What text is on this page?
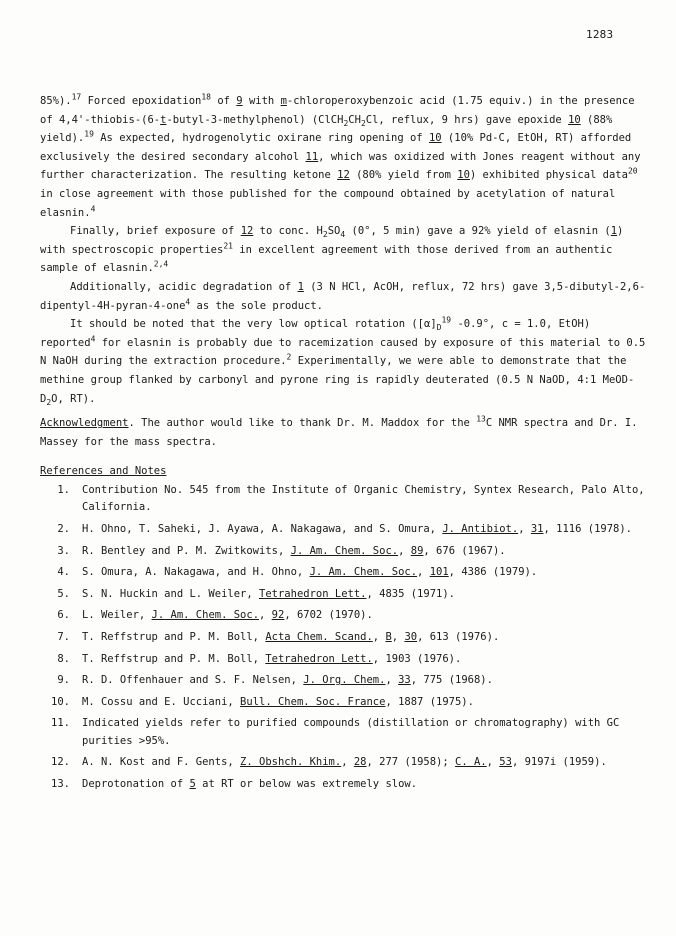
1283

85%).$^{17}$ Forced epoxidation$^{18}$ of 9 with m-chloroperoxybenzoic acid (1.75 equiv.) in the presence of 4,4'-thiobis-(6-t-butyl-3-methylphenol) ($ClCH_2CH_2Cl$, reflux, 9 hrs) gave epoxide 10 (88% yield).$^{19}$ As expected, hydrogenolytic oxirane ring opening of 10 (10% Pd-C, EtOH, RT) afforded exclusively the desired secondary alcohol 11, which was oxidized with Jones reagent without any further characterization. The resulting ketone 12 (80% yield from 10) exhibited physical data$^{20}$ in close agreement with those published for the compound obtained by acetylation of natural elasnin.$^4$

Finally, brief exposure of 12 to conc. $H_2SO_4$ (0°, 5 min) gave a 92% yield of elasnin (1) with spectroscopic properties$^{21}$ in excellent agreement with those derived from an authentic sample of elasnin.$^{2,4}$

Additionally, acidic degradation of 1 (3 N HCl, AcOH, reflux, 72 hrs) gave 3,5-dibutyl-2,6-dipentyl-4H-pyran-4-one$^4$ as the sole product.

It should be noted that the very low optical rotation ($[\alpha]_D^{19}$ -0.9°, c = 1.0, EtOH) reported$^4$ for elasnin is probably due to racemization caused by exposure of this material to 0.5 N NaOH during the extraction procedure.$^2$ Experimentally, we were able to demonstrate that the methine group flanked by carbonyl and pyrone ring is rapidly deuterated (0.5 N NaOD, 4:1 MeOD-$D_2O$, RT).

Acknowledgment. The author would like to thank Dr. M. Maddox for the $^{13}$C NMR spectra and Dr. I. Massey for the mass spectra.

References and Notes
1.	Contribution No. 545 from the Institute of Organic Chemistry, Syntex Research, Palo Alto, California.
2.	H. Ohno, T. Saheki, J. Ayawa, A. Nakagawa, and S. Omura, J. Antibiot., 31, 1116 (1978).
3.	R. Bentley and P. M. Zwitkowits, J. Am. Chem. Soc., 89, 676 (1967).
4.	S. Omura, A. Nakagawa, and H. Ohno, J. Am. Chem. Soc., 101, 4386 (1979).
5.	S. N. Huckin and L. Weiler, Tetrahedron Lett., 4835 (1971).
6.	L. Weiler, J. Am. Chem. Soc., 92, 6702 (1970).
7.	T. Reffstrup and P. M. Boll, Acta Chem. Scand., B, 30, 613 (1976).
8.	T. Reffstrup and P. M. Boll, Tetrahedron Lett., 1903 (1976).
9.	R. D. Offenhauer and S. F. Nelsen, J. Org. Chem., 33, 775 (1968).
10.	M. Cossu and E. Ucciani, Bull. Chem. Soc. France, 1887 (1975).
11.	Indicated yields refer to purified compounds (distillation or chromatography) with GC purities >95%.
12.	A. N. Kost and F. Gents, Z. Obshch. Khim., 28, 277 (1958); C. A., 53, 9197i (1959).
13.	Deprotonation of 5 at RT or below was extremely slow.
